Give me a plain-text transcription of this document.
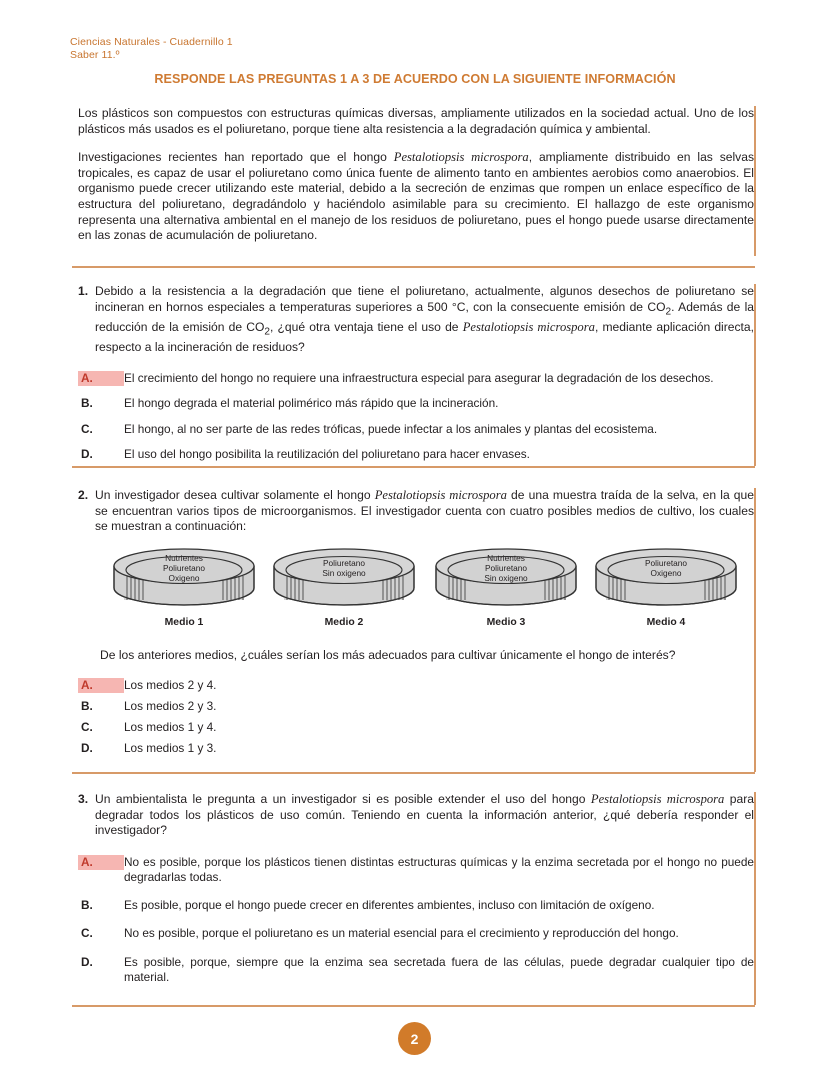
Ciencias Naturales - Cuadernillo 1
Saber 11.º
RESPONDE LAS PREGUNTAS 1 A 3 DE ACUERDO CON LA SIGUIENTE INFORMACIÓN

Los plásticos son compuestos con estructuras químicas diversas, ampliamente utilizados en la sociedad actual. Uno de los plásticos más usados es el poliuretano, porque tiene alta resistencia a la degradación química y ambiental.

Investigaciones recientes han reportado que el hongo Pestalotiopsis microspora, ampliamente distribuido en las selvas tropicales, es capaz de usar el poliuretano como única fuente de alimento tanto en ambientes aerobios como anaerobios. El organismo puede crecer utilizando este material, debido a la secreción de enzimas que rompen un enlace específico de la estructura del poliuretano, degradándolo y haciéndolo asimilable para su crecimiento. El hallazgo de este organismo representa una alternativa ambiental en el manejo de los residuos de poliuretano, pues el hongo puede usarse directamente en las zonas de acumulación de poliuretano.

1. Debido a la resistencia a la degradación que tiene el poliuretano, actualmente, algunos desechos de poliuretano se incineran en hornos especiales a temperaturas superiores a 500 °C, con la consecuente emisión de $CO_2$. Además de la reducción de la emisión de $CO_2$, ¿qué otra ventaja tiene el uso de Pestalotiopsis microspora, mediante aplicación directa, respecto a la incineración de residuos?
A.	El crecimiento del hongo no requiere una infraestructura especial para asegurar la degradación de los desechos.
B.	El hongo degrada el material polimérico más rápido que la incineración.
C.	El hongo, al no ser parte de las redes tróficas, puede infectar a los animales y plantas del ecosistema.
D.	El uso del hongo posibilita la reutilización del poliuretano para hacer envases.
2. Un investigador desea cultivar solamente el hongo Pestalotiopsis microspora de una muestra traída de la selva, en la que se encuentran varios tipos de microorganismos. El investigador cuenta con cuatro posibles medios de cultivo, los cuales se muestran a continuación:
Nutrientes
Poliuretano
Oxigeno
Medio 1
Poliuretano
Sin oxigeno
Medio 2
Nutrientes
Poliuretano
Sin oxigeno
Medio 3
Poliuretano
Oxigeno
Medio 4
De los anteriores medios, ¿cuáles serían los más adecuados para cultivar únicamente el hongo de interés?
A.	Los medios 2 y 4.
B.	Los medios 2 y 3.
C.	Los medios 1 y 4.
D.	Los medios 1 y 3.
3. Un ambientalista le pregunta a un investigador si es posible extender el uso del hongo Pestalotiopsis microspora para degradar todos los plásticos de uso común. Teniendo en cuenta la información anterior, ¿qué debería responder el investigador?
A.	No es posible, porque los plásticos tienen distintas estructuras químicas y la enzima secretada por el hongo no puede degradarlas todas.
B.	Es posible, porque el hongo puede crecer en diferentes ambientes, incluso con limitación de oxígeno.
C.	No es posible, porque el poliuretano es un material esencial para el crecimiento y reproducción del hongo.
D.	Es posible, porque, siempre que la enzima sea secretada fuera de las células, puede degradar cualquier tipo de material.
2
